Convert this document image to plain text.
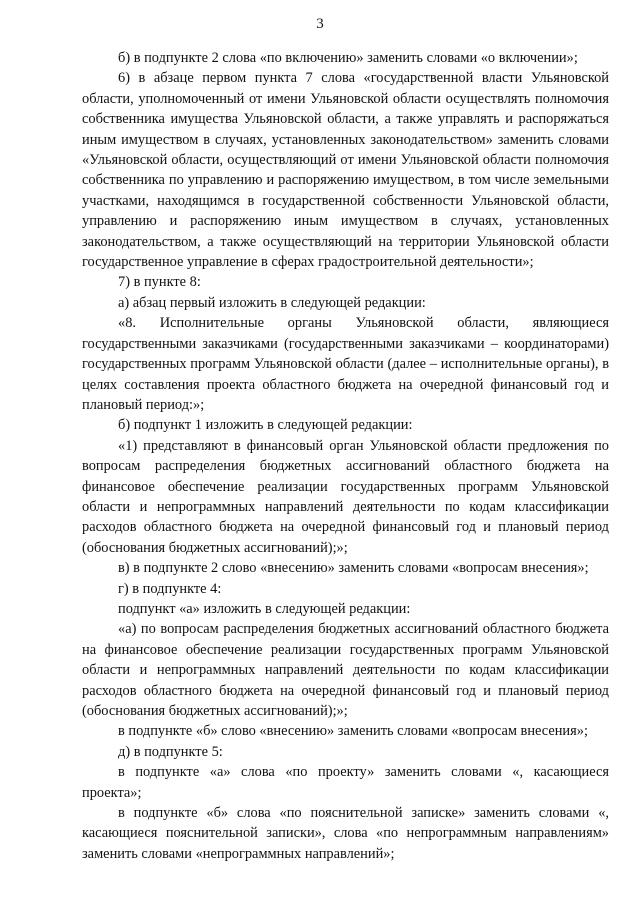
3

б) в подпункте 2 слова «по включению» заменить словами «о включении»;

6) в абзаце первом пункта 7 слова «государственной власти Ульяновской области, уполномоченный от имени Ульяновской области осуществлять полномочия собственника имущества Ульяновской области, а также управлять и распоряжаться иным имуществом в случаях, установленных законодательством» заменить словами «Ульяновской области, осуществляющий от имени Ульяновской области полномочия собственника по управлению и распоряжению имуществом, в том числе земельными участками, находящимся в государственной собственности Ульяновской области, управлению и распоряжению иным имуществом в случаях, установленных законодательством, а также осуществляющий на территории Ульяновской области государственное управление в сферах градостроительной деятельности»;

7) в пункте 8:

а) абзац первый изложить в следующей редакции:

«8. Исполнительные органы Ульяновской области, являющиеся государственными заказчиками (государственными заказчиками – координаторами) государственных программ Ульяновской области (далее – исполнительные органы), в целях составления проекта областного бюджета на очередной финансовый год и плановый период:»;

б) подпункт 1 изложить в следующей редакции:

«1) представляют в финансовый орган Ульяновской области предложения по вопросам распределения бюджетных ассигнований областного бюджета на финансовое обеспечение реализации государственных программ Ульяновской области и непрограммных направлений деятельности по кодам классификации расходов областного бюджета на очередной финансовый год и плановый период (обоснования бюджетных ассигнований);»;

в) в подпункте 2 слово «внесению» заменить словами «вопросам внесения»;

г) в подпункте 4:

подпункт «а» изложить в следующей редакции:

«а) по вопросам распределения бюджетных ассигнований областного бюджета на финансовое обеспечение реализации государственных программ Ульяновской области и непрограммных направлений деятельности по кодам классификации расходов областного бюджета на очередной финансовый год и плановый период (обоснования бюджетных ассигнований);»;

в подпункте «б» слово «внесению» заменить словами «вопросам внесения»;

д) в подпункте 5:

в подпункте «а» слова «по проекту» заменить словами «, касающиеся проекта»;

в подпункте «б» слова «по пояснительной записке» заменить словами «, касающиеся пояснительной записки», слова «по непрограммным направлениям» заменить словами «непрограммных направлений»;
